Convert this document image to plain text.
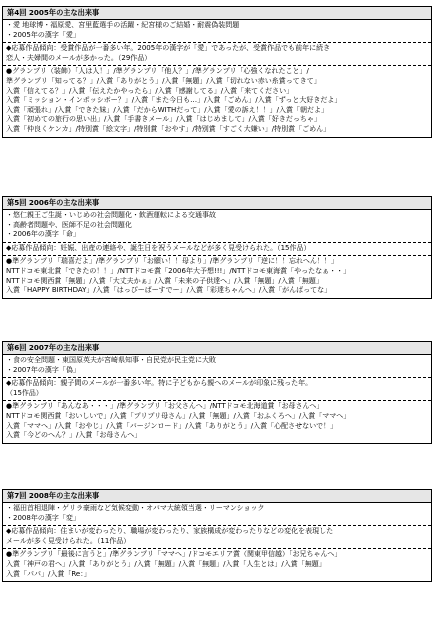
第4回 2005年の主な出来事
・愛 地球博・福原愛、宮里藍選手の活躍・紀宮様のご結婚・耐震偽装問題
・2005年の漢字「愛」
◆応募作品傾向：受賞作品が一番多い年。2005年の漢字が「愛」であったが、受賞作品でも前年に続き
恋人・夫婦間のメールが多かった。（29作品）
●グランプリ（装飾）「人は人！」/準グランプリ「他人？」/準グランプリ「心強くなれたこと」/
準グランプリ「知ってる？」/入賞「ありがとう」/入賞「無題」/入賞「切れない赤い糸賞ってきて」
入賞「信えてる？」/入賞「伝えたかやったら」/入賞「感謝してる」/入賞「来てください」
入賞「ミッション・インポッシボー？」/入賞「また今日も…」/入賞「ごめん」/入賞「ずっと大好きだよ」
入賞「頑張れ」/入賞「できた妹」/入賞「だからWITHだって」/入賞「愛の訴え！！」/入賞「朝だよ」
入賞「初めての旅行の思い出」/入賞「手書きメール」/入賞「はじめまして」/入賞「好きだっちゃ」
入賞「仲良くケンカ」/特別賞「絵文字」/特別賞「おやす」/特別賞「すごく大嫌い」/特別賞「ごめん」
第5回 2006年の主な出来事
・悠仁親王ご生誕・いじめの社会問題化・飲酒運転による交通事故
・高齢者問題や、医師不足の社会問題化
・2006年の漢字「命」
◆応募作品傾向：妊娠、出産の連絡や、誕生日を祝うメールなどが多く見受けられた。（15作品）
●準グランプリ「瑞喜だよ」/準グランプリ「お願い！！母より」/準グランプリ「逆に！！忘れへん！！」
NTTドコモ東北賞「できたの！！」/NTTドコモ賞「2006年大予想!!!」/NTTドコモ東海賞「やったなぁ・・」
NTTドコモ関西賞「無題」/入賞「大丈夫かぁ」/入賞「未来の子供達へ」/入賞「無題」/入賞「無題」
入賞「HAPPY BIRTHDAY」/入賞「はっぴーばーすでー」/入賞「彩達ちゃんへ」/入賞「がんばってな」
第6回 2007年の主な出来事
・食の安全問題・東国原英夫が宮崎県知事・自民党が民主党に大敗
・2007年の漢字「偽」
◆応募作品傾向：親子間のメールが一番多い年。特に子どもから親へのメールが印象に残った年。
（15作品）
●準グランプリ「あんなあ・・・」/準グランプリ「お父さんへ」/NTTドコモ北海道賞「お母さんへ」
NTTドコモ関西賞「おいしいで」/入賞「プリプリ母さん」/入賞「無題」/入賞「おふくろへ」/入賞「ママへ」
入賞「ママへ」/入賞「おやじ」/入賞「バージンロード」/入賞「ありがとう」/入賞「心配させないで！」
入賞「今どのへん？」/入賞「お母さんへ」
第7回 2008年の主な出来事
・福田首相退陣・ゲリラ豪雨など気候変動・オバマ大統領当選・リーマンショック
・2008年の漢字「変」
◆応募作品傾向：住まいが変わったり、職場が変わったり、家族構成が変わったりなどの変化を表現した
メールが多く見受けられた。（11作品）
●準グランプリ「最後に言うと」/準グランプリ「ママへ」/ドコモエリア賞（関東甲信越）「お兄ちゃんへ」
入賞「神戸の君へ」/入賞「ありがとう」/入賞「無題」/入賞「無題」/入賞「人生とは」/入賞「無題」
入賞「パパ」/入賞「Re：」
